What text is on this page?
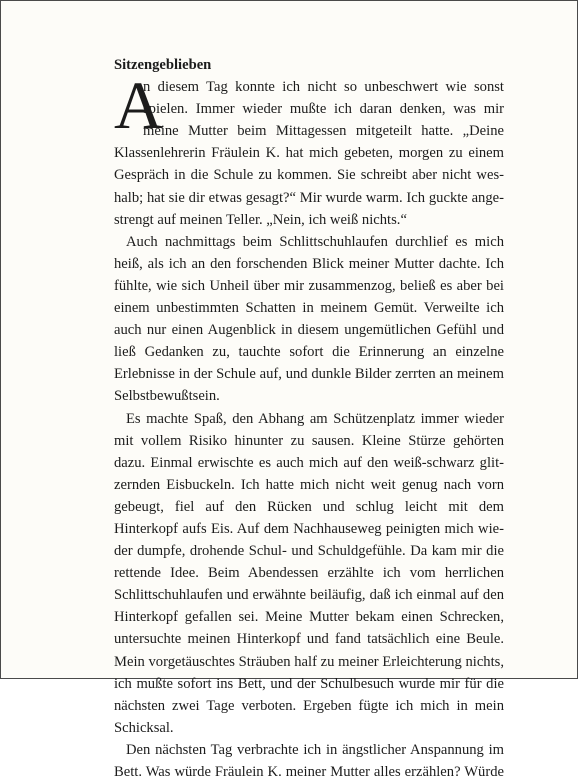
A
Sitzengeblieben
n diesem Tag konnte ich nicht so unbeschwert wie sonst
spielen. Immer wieder mußte ich daran denken, was mir
meine Mutter beim Mittagessen mitgeteilt hatte. „Deine
Klassenlehrerin Fräulein K. hat mich gebeten, morgen zu einem
Gespräch in die Schule zu kommen. Sie schreibt aber nicht wes-
halb; hat sie dir etwas gesagt?“ Mir wurde warm. Ich guckte ange-
strengt auf meinen Teller. „Nein, ich weiß nichts.“
Auch nachmittags beim Schlittschuhlaufen durchlief es mich
heiß, als ich an den forschenden Blick meiner Mutter dachte. Ich
fühlte, wie sich Unheil über mir zusammenzog, beließ es aber bei
einem unbestimmten Schatten in meinem Gemüt. Verweilte ich
auch nur einen Augenblick in diesem ungemütlichen Gefühl und
ließ Gedanken zu, tauchte sofort die Erinnerung an einzelne
Erlebnisse in der Schule auf, und dunkle Bilder zerrten an meinem
Selbstbewußtsein.
Es machte Spaß, den Abhang am Schützenplatz immer wieder
mit vollem Risiko hinunter zu sausen. Kleine Stürze gehörten
dazu. Einmal erwischte es auch mich auf den weiß-schwarz glit-
zernden Eisbuckeln. Ich hatte mich nicht weit genug nach vorn
gebeugt, fiel auf den Rücken und schlug leicht mit dem
Hinterkopf aufs Eis. Auf dem Nachhauseweg peinigten mich wie-
der dumpfe, drohende Schul- und Schuldgefühle. Da kam mir die
rettende Idee. Beim Abendessen erzählte ich vom herrlichen
Schlittschuhlaufen und erwähnte beiläufig, daß ich einmal auf den
Hinterkopf gefallen sei. Meine Mutter bekam einen Schrecken,
untersuchte meinen Hinterkopf und fand tatsächlich eine Beule.
Mein vorgetäuschtes Sträuben half zu meiner Erleichterung nichts,
ich mußte sofort ins Bett, und der Schulbesuch wurde mir für die
nächsten zwei Tage verboten. Ergeben fügte ich mich in mein
Schicksal.
Den nächsten Tag verbrachte ich in ängstlicher Anspannung im
Bett. Was würde Fräulein K. meiner Mutter alles erzählen? Würde
